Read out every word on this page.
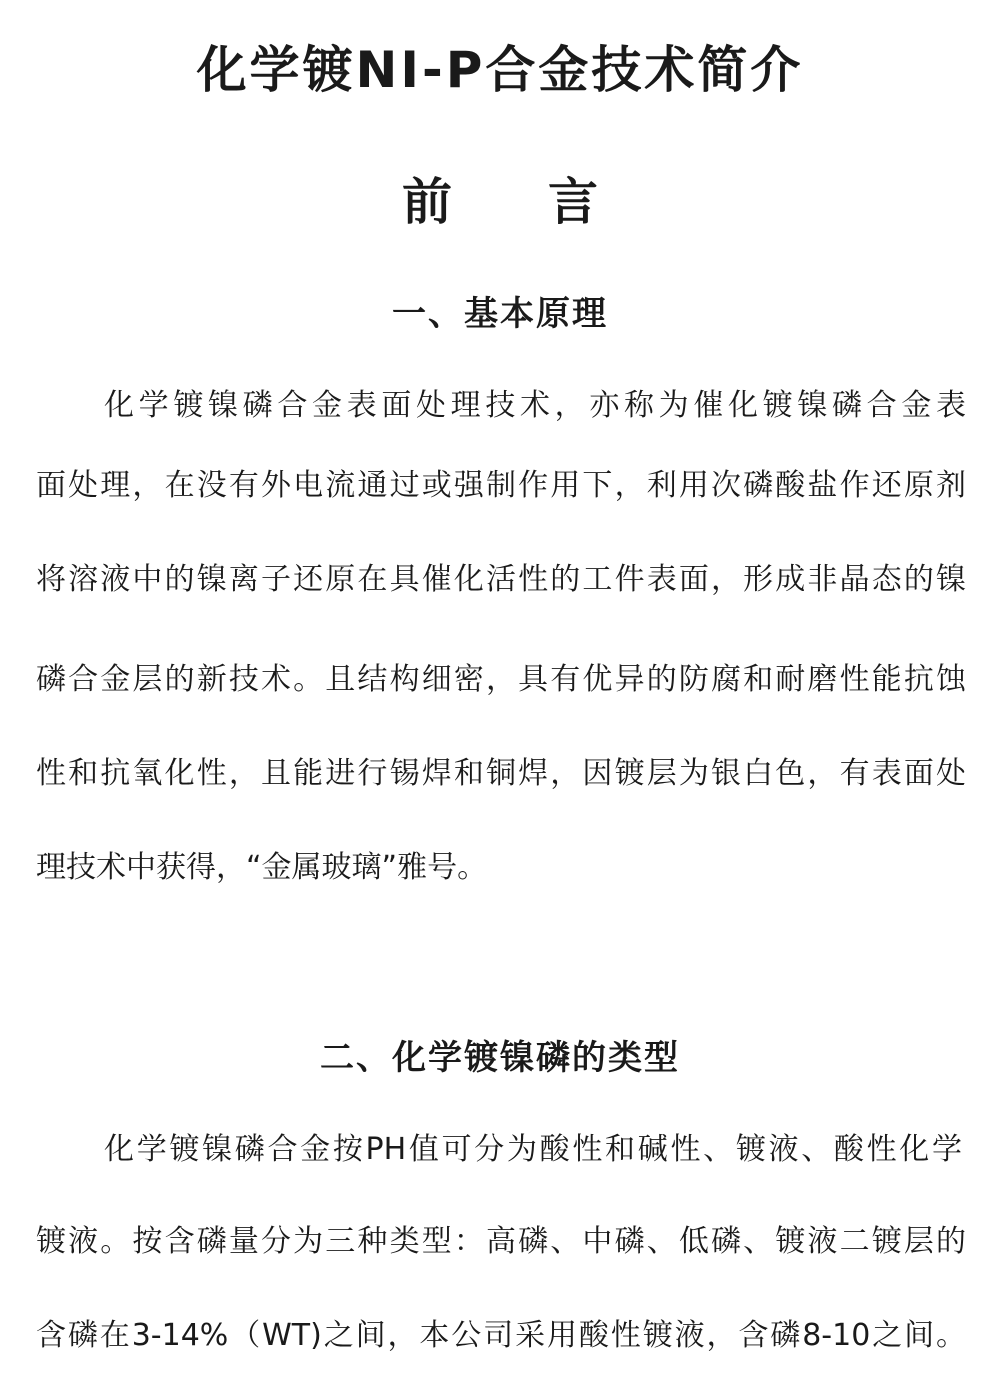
化学镀NI-P合金技术简介
前 言
一、基本原理
化学镀镍磷合金表面处理技术，亦称为催化镀镍磷合金表
面处理，在没有外电流通过或强制作用下，利用次磷酸盐作还原剂
将溶液中的镍离子还原在具催化活性的工件表面，形成非晶态的镍
磷合金层的新技术。且结构细密，具有优异的防腐和耐磨性能抗蚀
性和抗氧化性，且能进行锡焊和铜焊，因镀层为银白色，有表面处
理技术中获得，“金属玻璃”雅号。
二、化学镀镍磷的类型
化学镀镍磷合金按PH值可分为酸性和碱性、镀液、酸性化学
镀液。按含磷量分为三种类型：高磷、中磷、低磷、镀液二镀层的
含磷在3-14%（WT)之间，本公司采用酸性镀液，含磷8-10之间。
